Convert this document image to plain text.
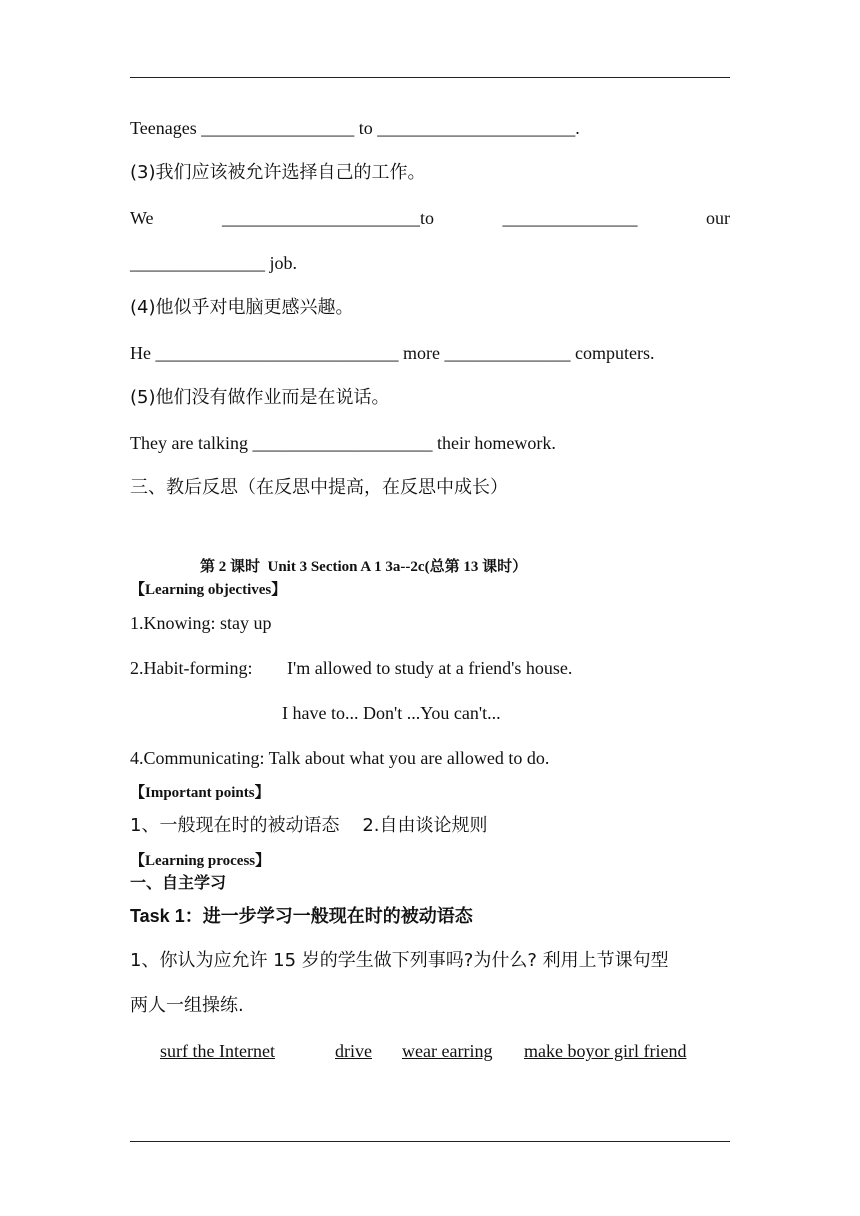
Teenages _________________ to ______________________.
(3)我们应该被允许选择自己的工作。
We	______________________to	_______________	our
_______________ job.
(4)他似乎对电脑更感兴趣。
He ___________________________ more ______________ computers.
(5)他们没有做作业而是在说话。
They are talking ____________________ their homework.
三、教后反思（在反思中提高，在反思中成长）
第 2 课时  Unit 3 Section A 1 3a--2c(总第 13 课时）
【Learning objectives】
1.Knowing: stay up
2.Habit-forming: I'm allowed to study at a friend's house.
I have to... Don't ...You can't...
4.Communicating: Talk about what you are allowed to do.
【Important points】
1、一般现在时的被动语态    2.自由谈论规则
【Learning process】
一、自主学习
Task 1：进一步学习一般现在时的被动语态
1、你认为应允许 15 岁的学生做下列事吗?为什么? 利用上节课句型
两人一组操练.
surf the Internet	drive wear earring make boyor girl friend
